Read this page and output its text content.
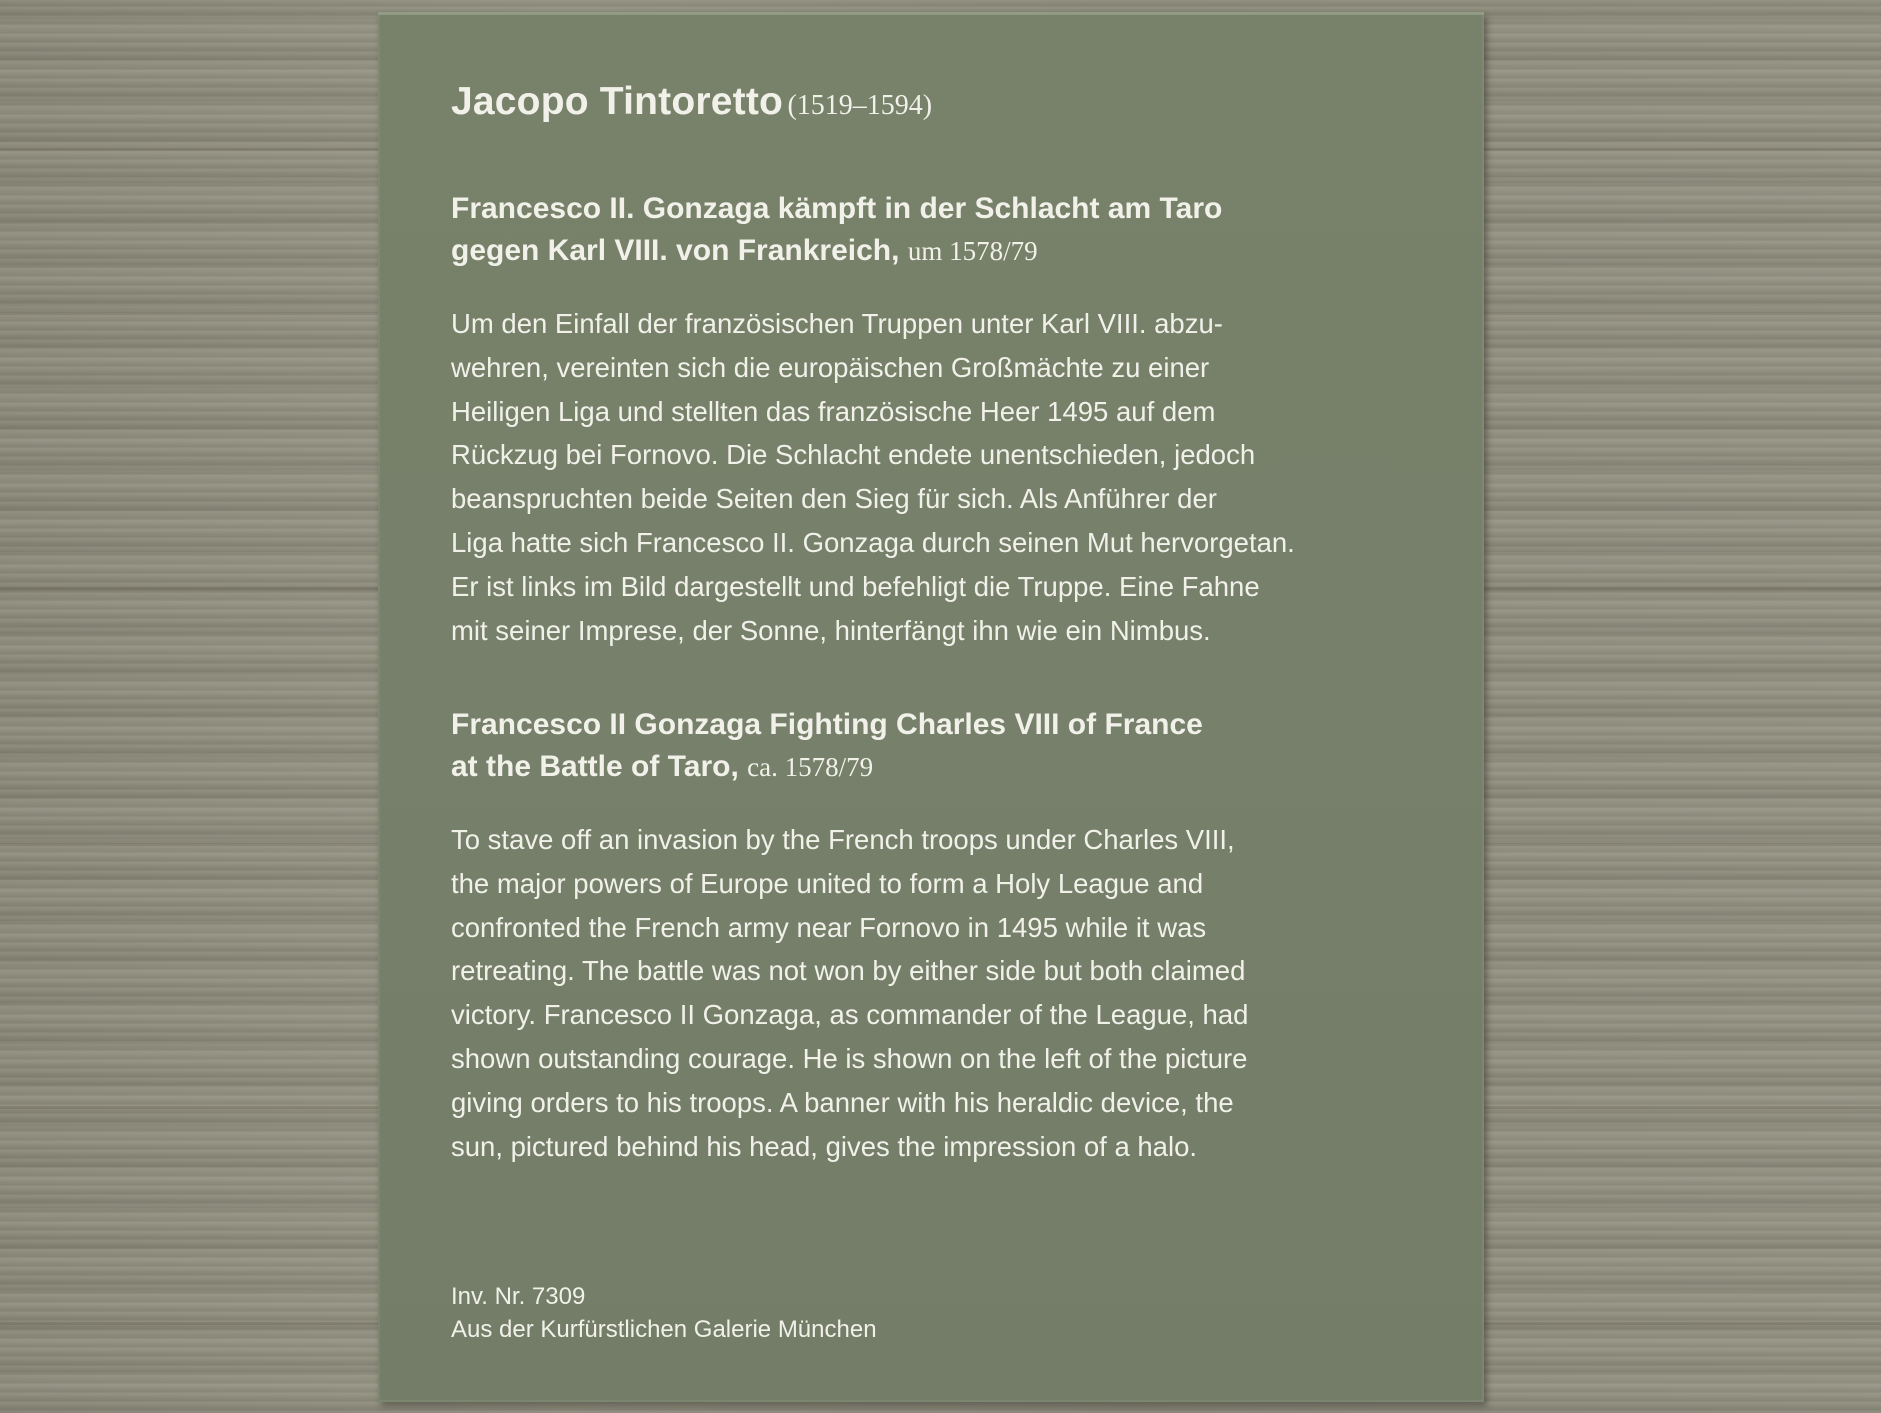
Jacopo Tintoretto (1519–1594)
Francesco II. Gonzaga kämpft in der Schlacht am Taro
gegen Karl VIII. von Frankreich, um 1578/79
Um den Einfall der französischen Truppen unter Karl VIII. abzu-
wehren, vereinten sich die europäischen Großmächte zu einer
Heiligen Liga und stellten das französische Heer 1495 auf dem
Rückzug bei Fornovo. Die Schlacht endete unentschieden, jedoch
beanspruchten beide Seiten den Sieg für sich. Als Anführer der
Liga hatte sich Francesco II. Gonzaga durch seinen Mut hervorgetan.
Er ist links im Bild dargestellt und befehligt die Truppe. Eine Fahne
mit seiner Imprese, der Sonne, hinterfängt ihn wie ein Nimbus.
Francesco II Gonzaga Fighting Charles VIII of France
at the Battle of Taro, ca. 1578/79
To stave off an invasion by the French troops under Charles VIII,
the major powers of Europe united to form a Holy League and
confronted the French army near Fornovo in 1495 while it was
retreating. The battle was not won by either side but both claimed
victory. Francesco II Gonzaga, as commander of the League, had
shown outstanding courage. He is shown on the left of the picture
giving orders to his troops. A banner with his heraldic device, the
sun, pictured behind his head, gives the impression of a halo.
Inv. Nr. 7309
Aus der Kurfürstlichen Galerie München
